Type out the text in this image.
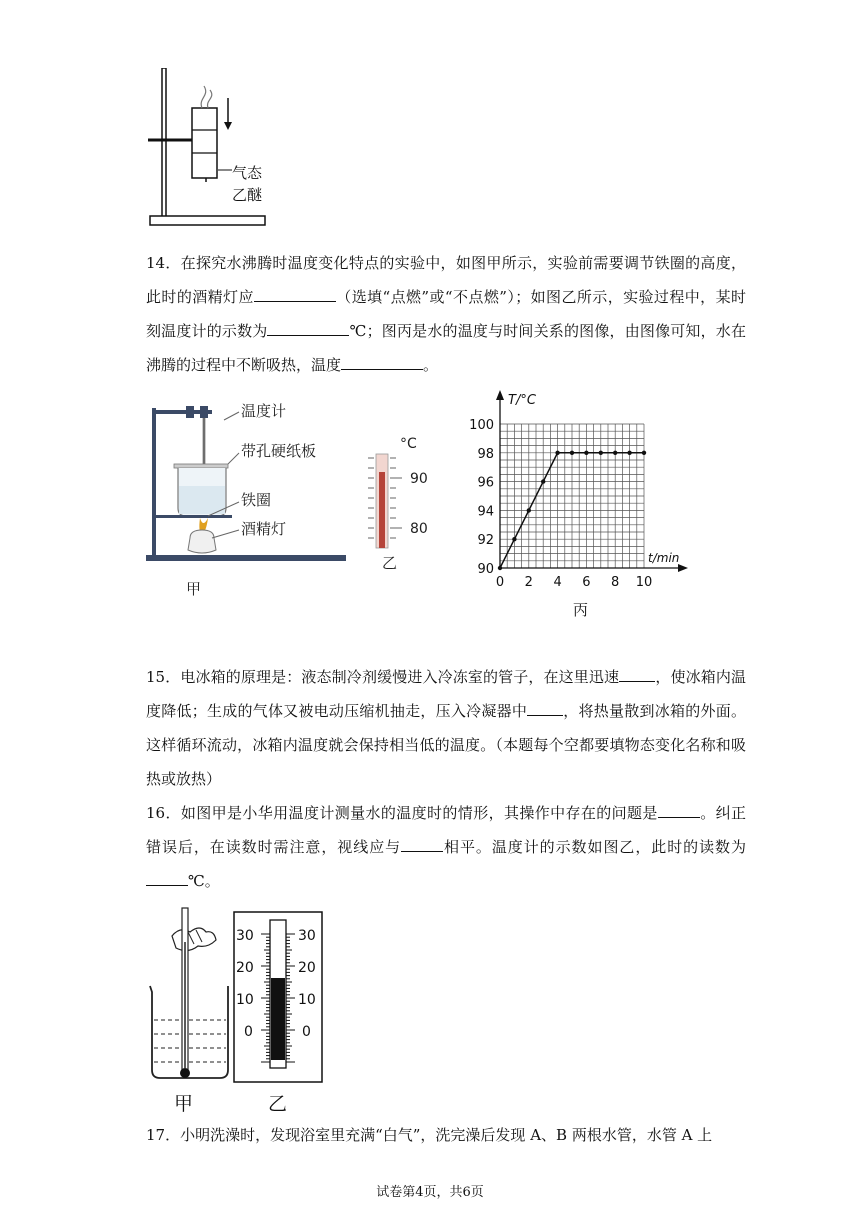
气态
乙醚

14．在探究水沸腾时温度变化特点的实验中，如图甲所示，实验前需要调节铁圈的高度，此时的酒精灯应	（选填“点燃”或“不点燃”）；如图乙所示，实验过程中，某时刻温度计的示数为	℃；图丙是水的温度与时间关系的图像，由图像可知，水在沸腾的过程中不断吸热，温度	。

温度计
带孔硬纸板
铁圈
酒精灯
甲
°C
90
80
乙
0 2 4 6 8 10
90
92
94
96
98
100
T/°C
t/min
丙

15．电冰箱的原理是：液态制冷剂缓慢进入冷冻室的管子，在这里迅速 ，使冰箱内温度降低；生成的气体又被电动压缩机抽走，压入冷凝器中 ，将热量散到冰箱的外面。这样循环流动，冰箱内温度就会保持相当低的温度。（本题每个空都要填物态变化名称和吸热或放热）

16．如图甲是小华用温度计测量水的温度时的情形，其操作中存在的问题是	。纠正错误后，在读数时需注意，视线应与	相平。温度计的示数如图乙，此时的读数为℃。

甲
30
20
10
0
30
20
10
0
乙

17．小明洗澡时，发现浴室里充满“白气”，洗完澡后发现 A、B 两根水管，水管 A 上

试卷第4页，共6页
